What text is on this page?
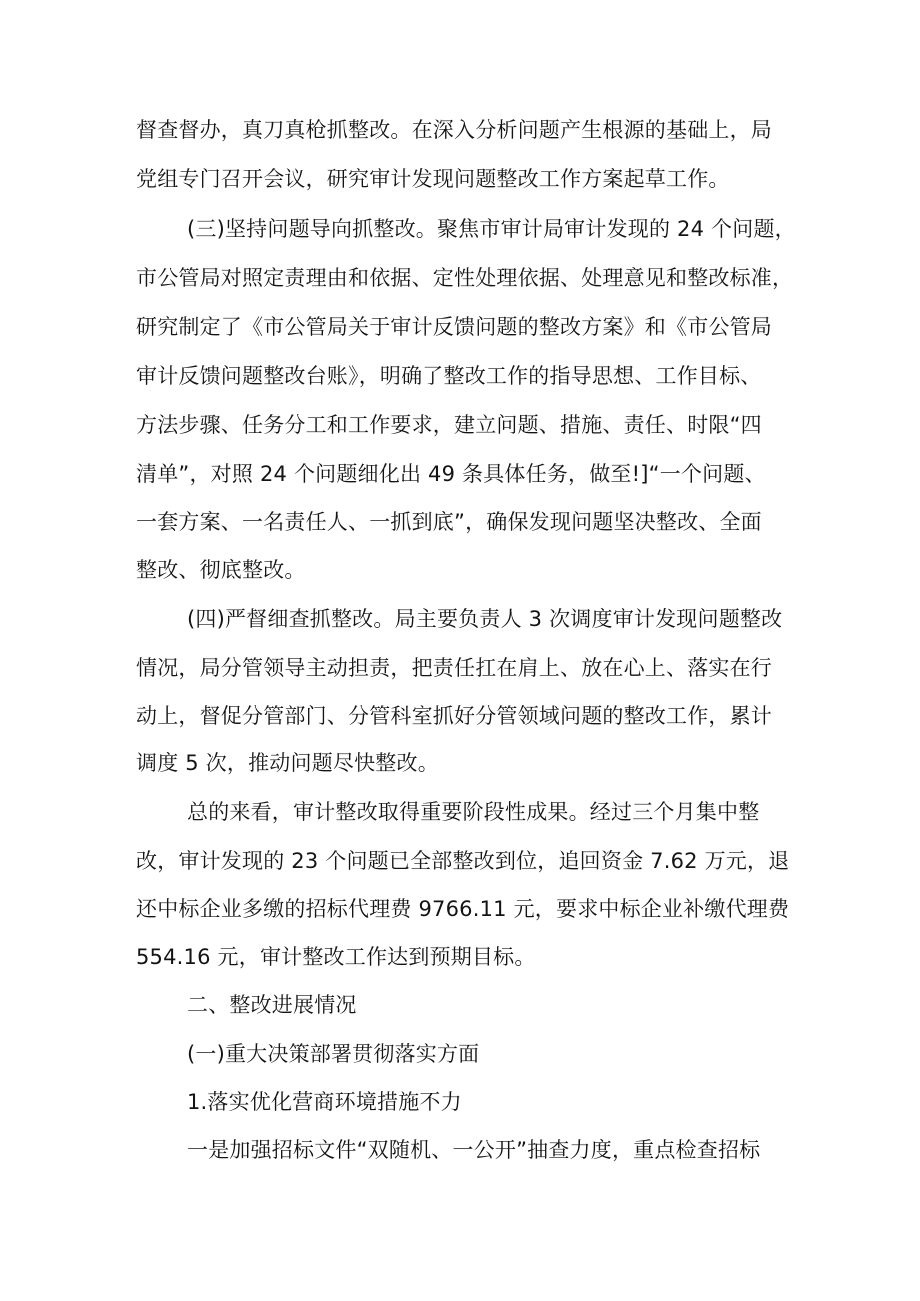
督查督办，真刀真枪抓整改。在深入分析问题产生根源的基础上，局
党组专门召开会议，研究审计发现问题整改工作方案起草工作。
(三)坚持问题导向抓整改。聚焦市审计局审计发现的 24 个问题，
市公管局对照定责理由和依据、定性处理依据、处理意见和整改标准，
研究制定了《市公管局关于审计反馈问题的整改方案》和《市公管局
审计反馈问题整改台账》，明确了整改工作的指导思想、工作目标、
方法步骤、任务分工和工作要求，建立问题、措施、责任、时限“四
清单”，对照 24 个问题细化出 49 条具体任务，做至!]“一个问题、
一套方案、一名责任人、一抓到底”，确保发现问题坚决整改、全面
整改、彻底整改。
(四)严督细查抓整改。局主要负责人 3 次调度审计发现问题整改
情况，局分管领导主动担责，把责任扛在肩上、放在心上、落实在行
动上，督促分管部门、分管科室抓好分管领域问题的整改工作，累计
调度 5 次，推动问题尽快整改。
总的来看，审计整改取得重要阶段性成果。经过三个月集中整
改，审计发现的 23 个问题已全部整改到位，追回资金 7.62 万元，退
还中标企业多缴的招标代理费 9766.11 元，要求中标企业补缴代理费
554.16 元，审计整改工作达到预期目标。
二、整改进展情况
(一)重大决策部署贯彻落实方面
1.落实优化营商环境措施不力
一是加强招标文件“双随机、一公开”抽查力度，重点检查招标
